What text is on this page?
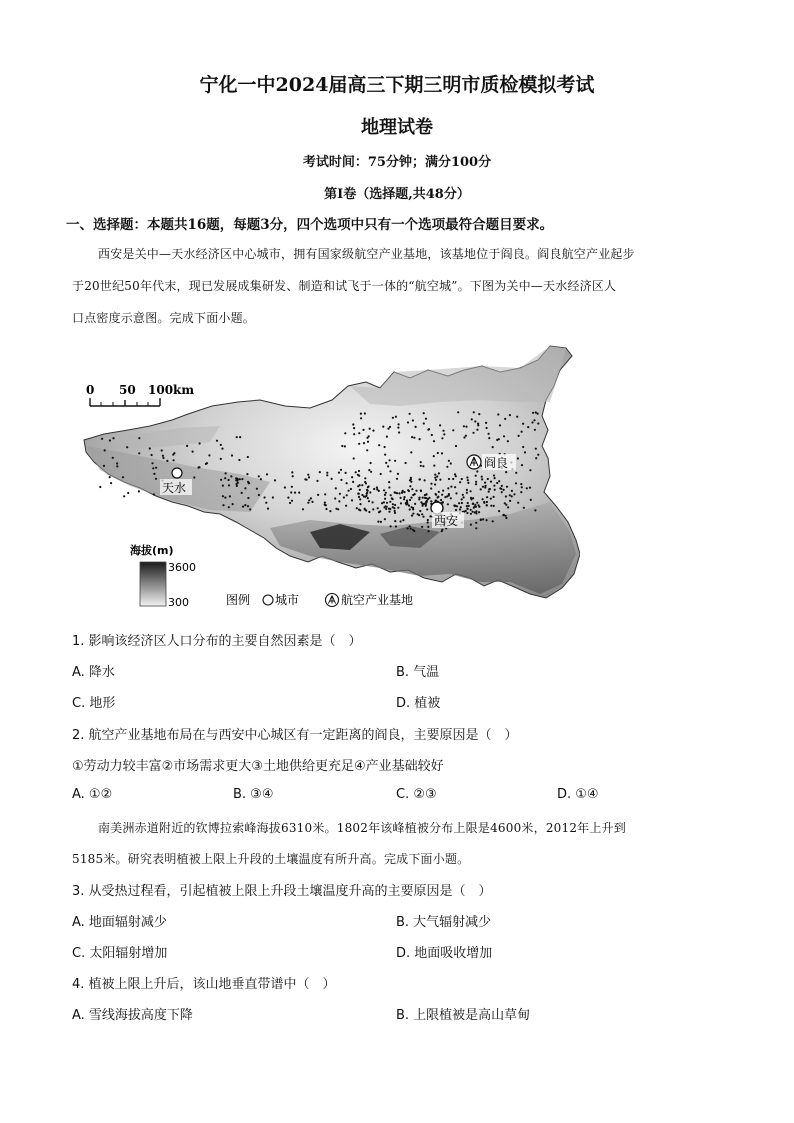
宁化一中2024届高三下期三明市质检模拟考试
地理试卷
考试时间：75分钟；满分100分
第Ⅰ卷（选择题,共48分）
一、选择题：本题共16题，每题3分，四个选项中只有一个选项最符合题目要求。
西安是关中—天水经济区中心城市，拥有国家级航空产业基地，该基地位于阎良。阎良航空产业起步
于20世纪50年代末，现已发展成集研发、制造和试飞于一体的“航空城”。下图为关中—天水经济区人
口点密度示意图。完成下面小题。
0 50 100km
天水
西安
阎良
海拔(m)
3600
300	图例 城市	航空产业基地
1. 影响该经济区人口分布的主要自然因素是（　）
A. 降水	B. 气温
C. 地形	D. 植被
2. 航空产业基地布局在与西安中心城区有一定距离的阎良，主要原因是（　）
①劳动力较丰富②市场需求更大③土地供给更充足④产业基础较好
A. ①②	B. ③④	C. ②③	D. ①④
南美洲赤道附近的钦博拉索峰海拔6310米。1802年该峰植被分布上限是4600米，2012年上升到
5185米。研究表明植被上限上升段的土壤温度有所升高。完成下面小题。
3. 从受热过程看，引起植被上限上升段土壤温度升高的主要原因是（　）
A. 地面辐射减少	B. 大气辐射减少
C. 太阳辐射增加	D. 地面吸收增加
4. 植被上限上升后，该山地垂直带谱中（　）
A. 雪线海拔高度下降	B. 上限植被是高山草甸
